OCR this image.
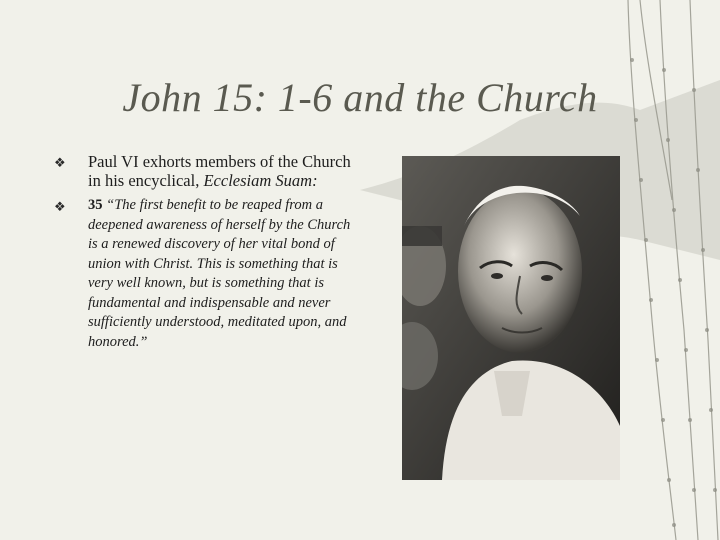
John 15: 1-6 and the Church
❖ Paul VI exhorts members of the Church in his encyclical, Ecclesiam Suam:
❖ 35 “The first benefit to be reaped from a deepened awareness of herself by the Church is a renewed discovery of her vital bond of union with Christ. This is something that is very well known, but is something that is fundamental and indispensable and never sufficiently understood, meditated upon, and honored.”
